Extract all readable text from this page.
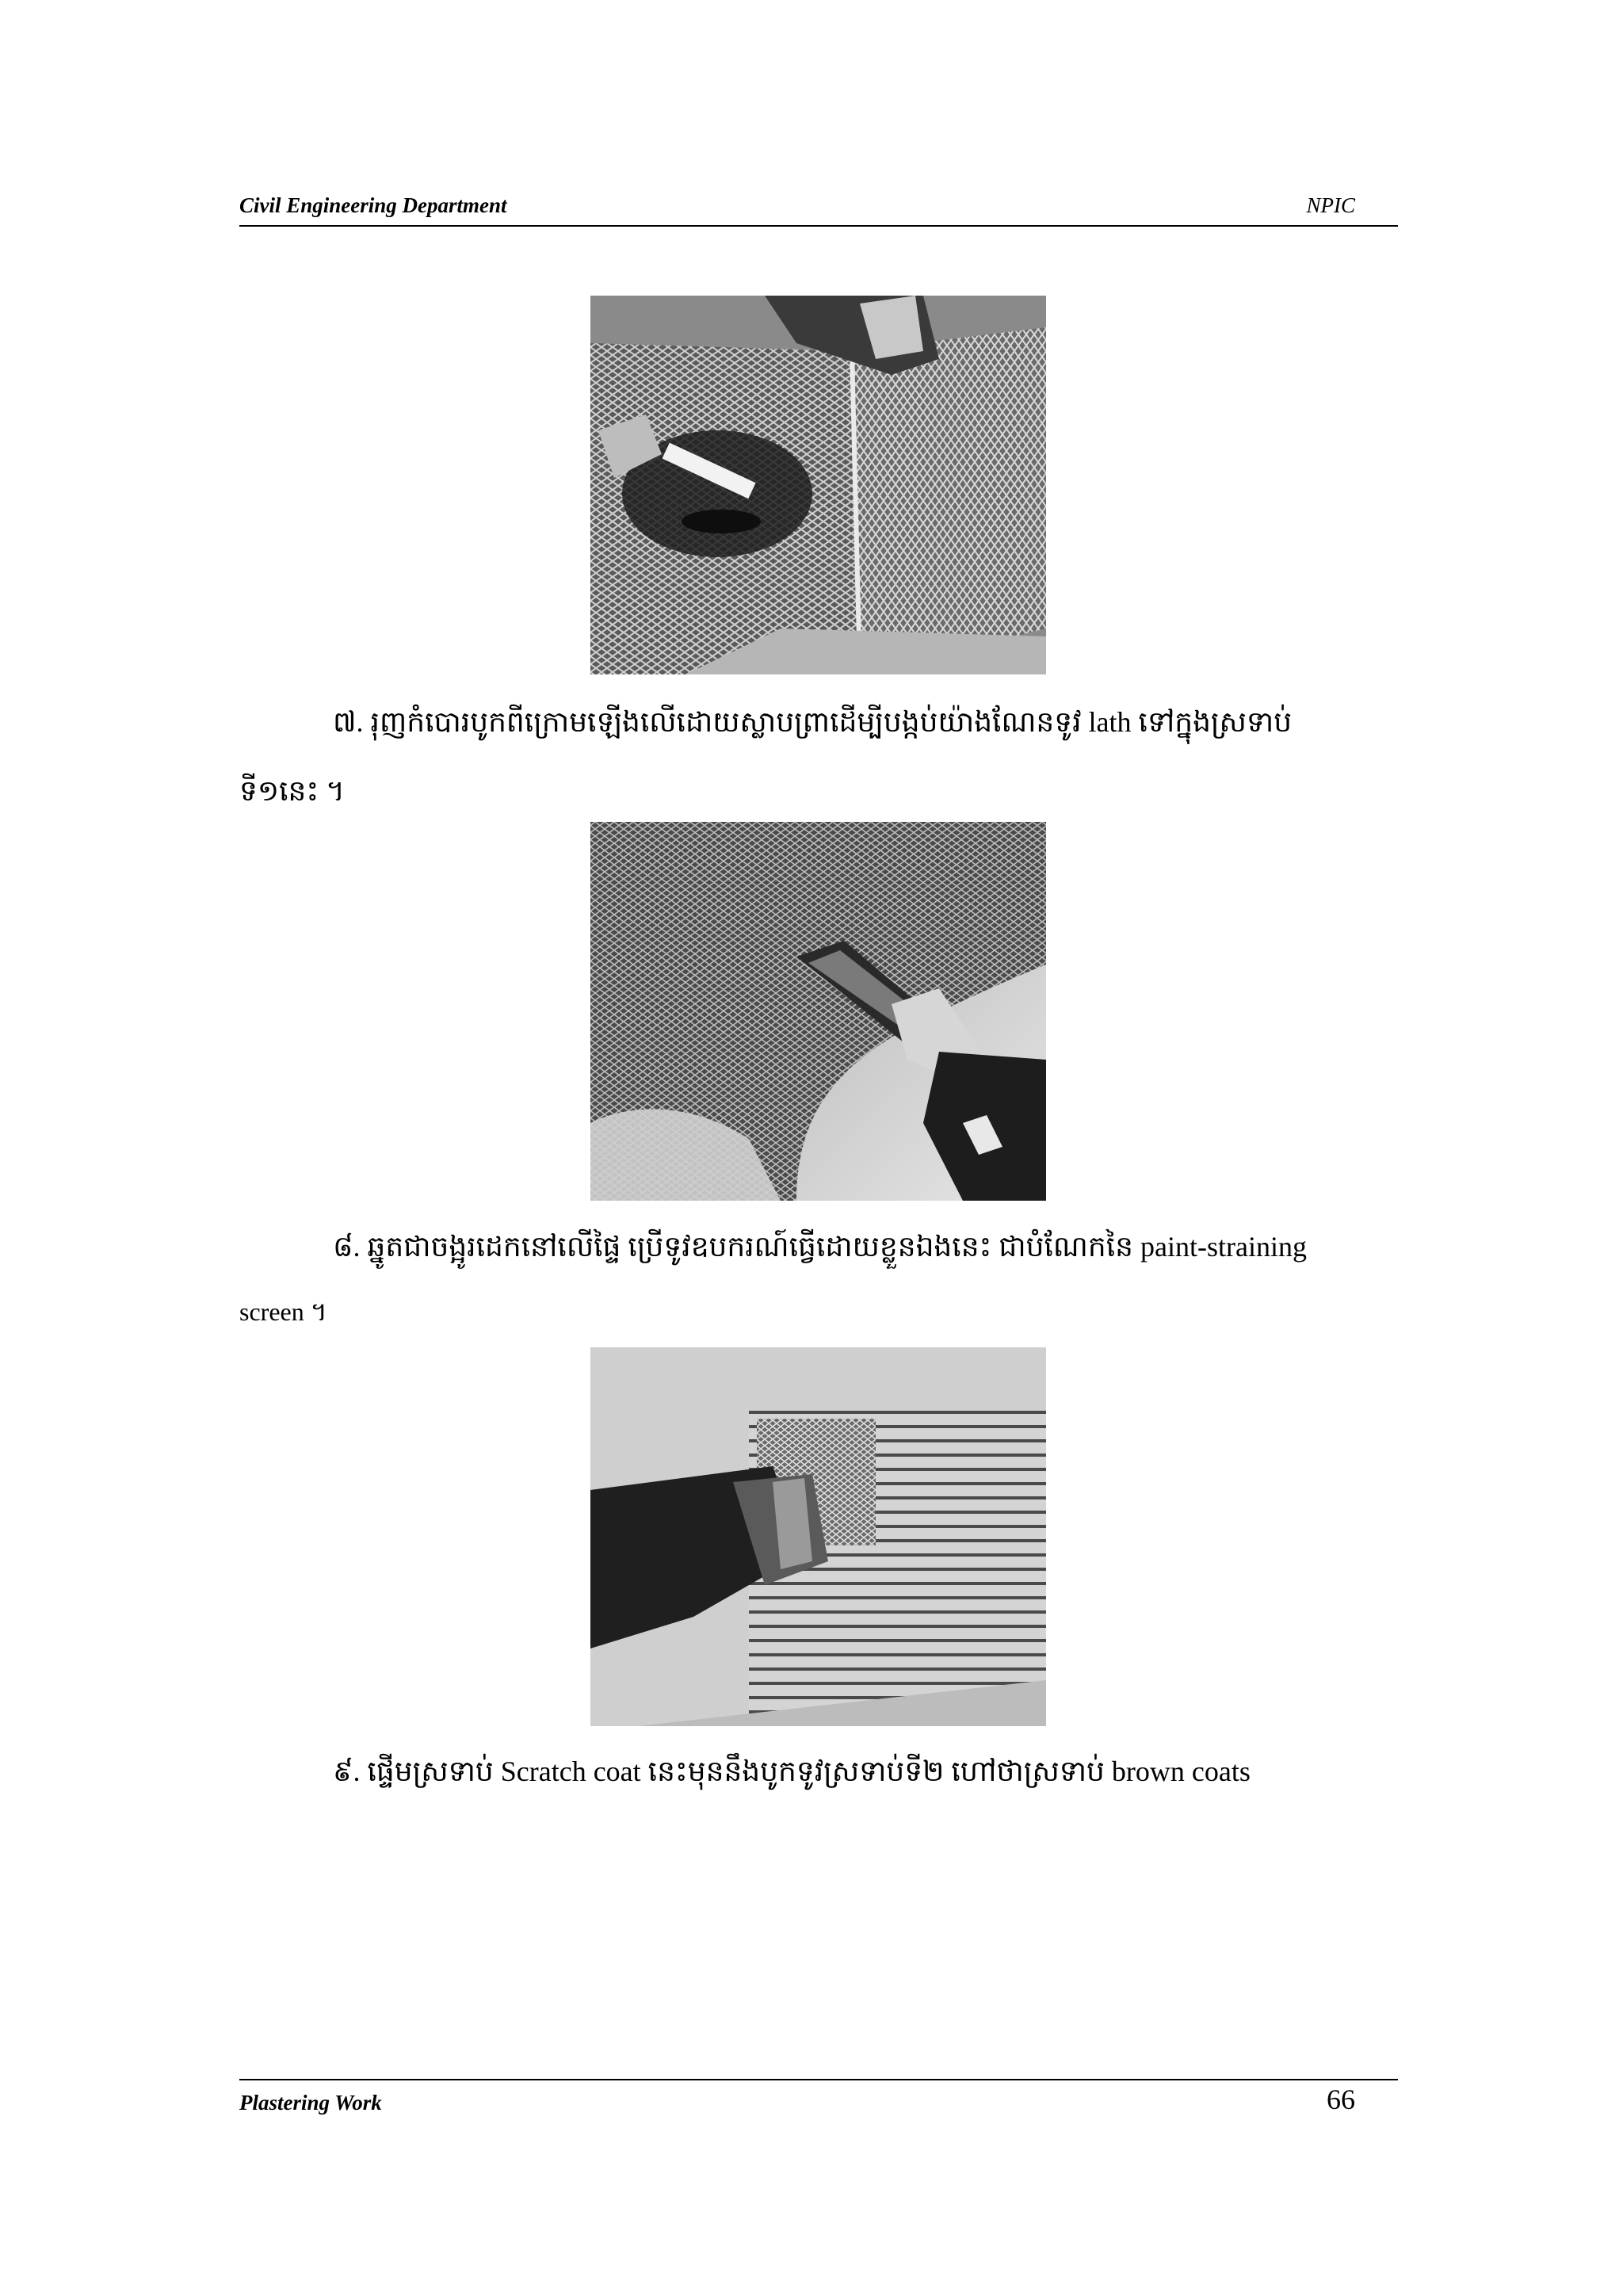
Civil Engineering Department	NPIC
៧. រុញកំបោរបូកពីក្រោមឡើងលើដោយស្លាបព្រាដើម្បីបង្កប់យ៉ាងណែនទូវ lath ទៅក្នុងស្រទាប់
ទី១នេះ ។
៨. ឆ្នូតជាចង្អូរដេកនៅលើផ្ទៃ ប្រើទូវឧបករណ៍ធ្វើដោយខ្លួនឯងនេះ ជាបំណែកនៃ paint-straining
screen ។
៩. ផ្ទើមស្រទាប់ Scratch coat នេះមុននឹងបូកទូវស្រទាប់ទី២ ហៅថាស្រទាប់ brown coats
Plastering Work	66
